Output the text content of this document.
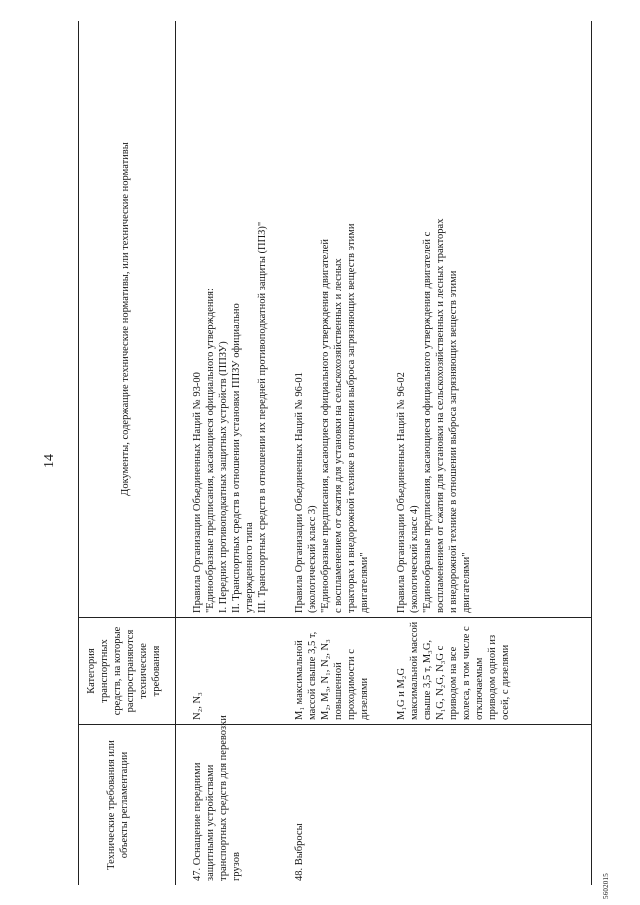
14
Технические требования или объекты регламентации
Категория транспортных средств, на которые распространяются технические требования
Документы, содержащие технические нормативы, или технические нормативы
47. Оснащение передними защитными устройствами транспортных средств для перевозки грузов
N₂, N₃
Правила Организации Объединенных Наций № 93-00 "Единообразные предписания, касающиеся официального утверждения: I. Передних противоподкатных защитных устройств (ППЗУ) II. Транспортных средств в отношении установки ППЗУ официально утвержденного типа III. Транспортных средств в отношении их передней противоподкатной защиты (ППЗ)"
48. Выбросы
M₁ максимальной массой свыше 3,5 т, M₂, M₃, N₁, N₂, N₃ повышенной проходимости с дизелями
Правила Организации Объединенных Наций № 96-01 (экологический класс 3) "Единообразные предписания, касающиеся официального утверждения двигателей с воспламенением от сжатия для установки на сельскохозяйственных и лесных тракторах и внедорожной технике в отношении выброса загрязняющих веществ этими двигателями"
M₁G и M₂G максимальной массой свыше 3,5 т, M₃G, N₁G, N₂G, N₃G с приводом на все колеса, в том числе с отключаемым приводом одной из осей, с дизелями
Правила Организации Объединенных Наций № 96-02 (экологический класс 4) "Единообразные предписания, касающиеся официального утверждения двигателей с воспламенением от сжатия для установки на сельскохозяйственных и лесных тракторах и внедорожной технике в отношении выброса загрязняющих веществ этими двигателями"
5602015
